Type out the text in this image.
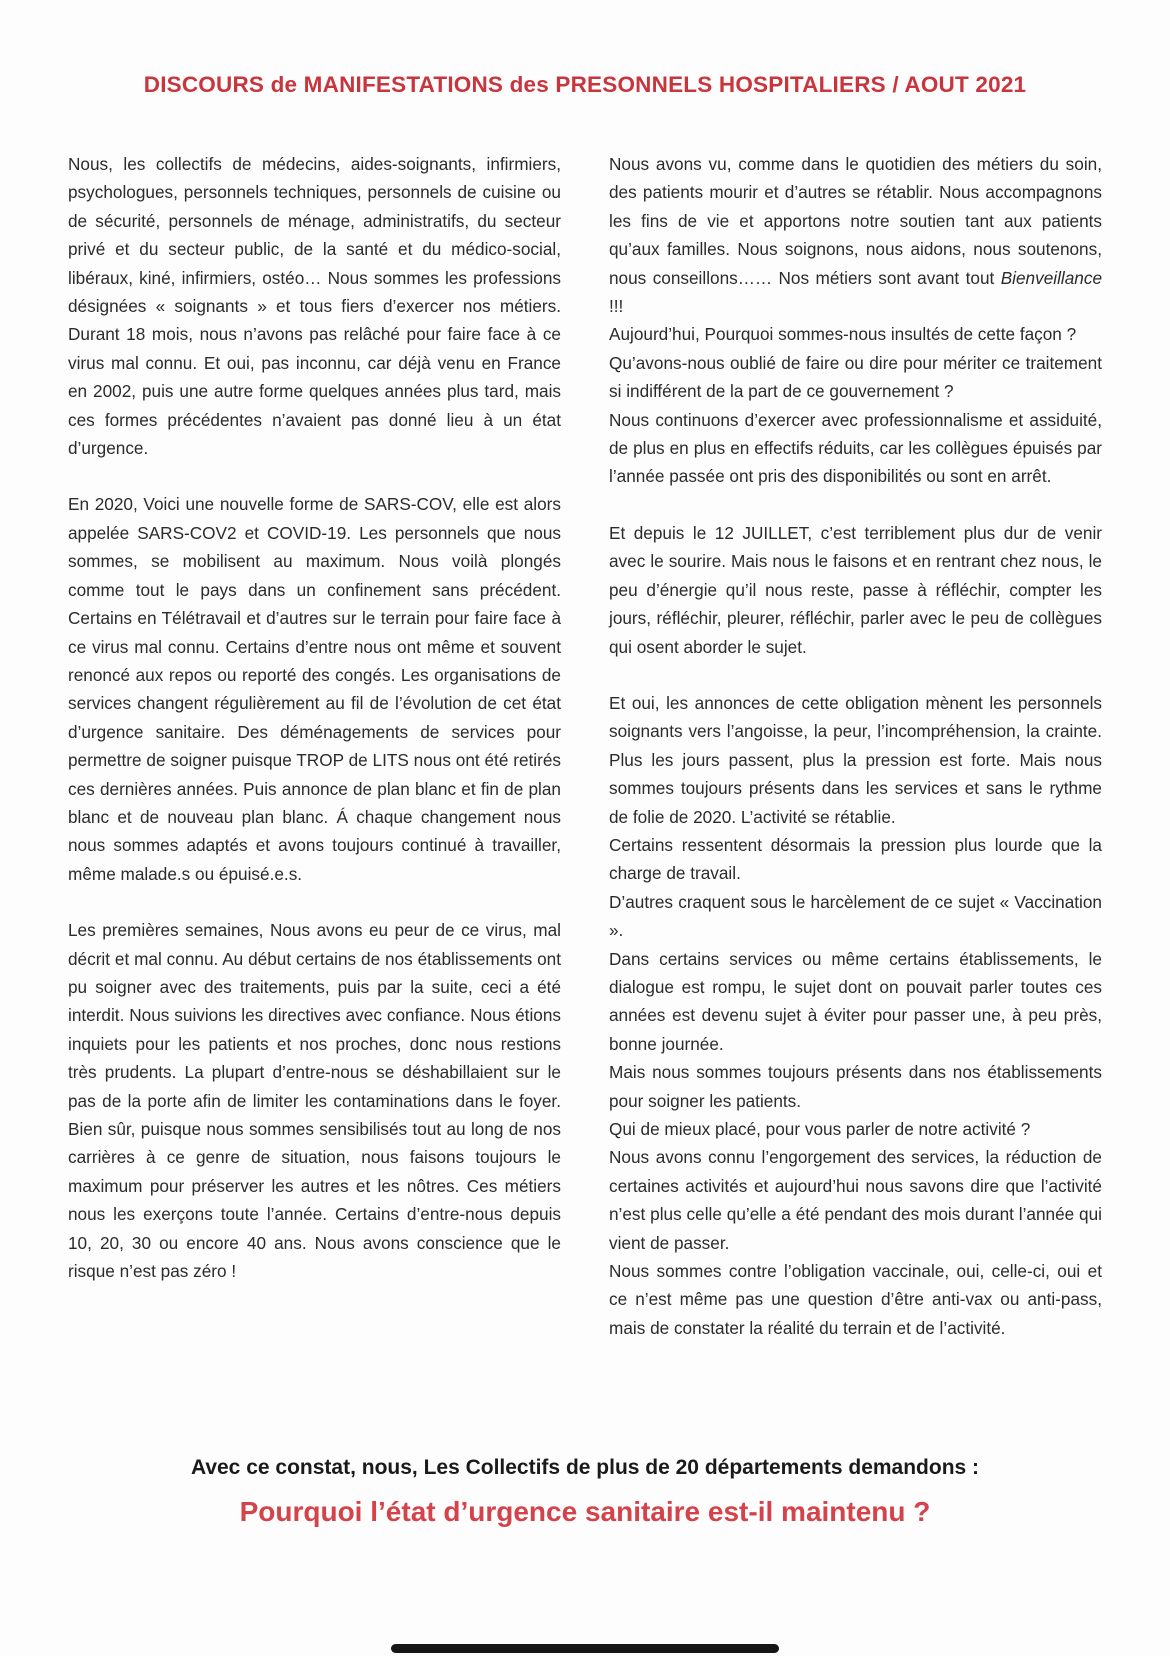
DISCOURS de MANIFESTATIONS des PRESONNELS HOSPITALIERS / AOUT 2021

Nous, les collectifs de médecins, aides-soignants, infirmiers, psychologues, personnels techniques, personnels de cuisine ou de sécurité, personnels de ménage, administratifs, du secteur privé et du secteur public, de la santé et du médico-social, libéraux, kiné, infirmiers, ostéo… Nous sommes les professions désignées « soignants » et tous fiers d’exercer nos métiers. Durant 18 mois, nous n’avons pas relâché pour faire face à ce virus mal connu. Et oui, pas inconnu, car déjà venu en France en 2002, puis une autre forme quelques années plus tard, mais ces formes précédentes n’avaient pas donné lieu à un état d’urgence.

En 2020, Voici une nouvelle forme de SARS-COV, elle est alors appelée SARS-COV2 et COVID-19. Les personnels que nous sommes, se mobilisent au maximum. Nous voilà plongés comme tout le pays dans un confinement sans précédent. Certains en Télétravail et d’autres sur le terrain pour faire face à ce virus mal connu. Certains d’entre nous ont même et souvent renoncé aux repos ou reporté des congés. Les organisations de services changent régulièrement au fil de l’évolution de cet état d’urgence sanitaire. Des déménagements de services pour permettre de soigner puisque TROP de LITS nous ont été retirés ces dernières années. Puis annonce de plan blanc et fin de plan blanc et de nouveau plan blanc. Á chaque changement nous nous sommes adaptés et avons toujours continué à travailler, même malade.s ou épuisé.e.s.

Les premières semaines, Nous avons eu peur de ce virus, mal décrit et mal connu. Au début certains de nos établissements ont pu soigner avec des traitements, puis par la suite, ceci a été interdit. Nous suivions les directives avec confiance. Nous étions inquiets pour les patients et nos proches, donc nous restions très prudents. La plupart d’entre-nous se déshabillaient sur le pas de la porte afin de limiter les contaminations dans le foyer. Bien sûr, puisque nous sommes sensibilisés tout au long de nos carrières à ce genre de situation, nous faisons toujours le maximum pour préserver les autres et les nôtres. Ces métiers nous les exerçons toute l’année. Certains d’entre-nous depuis 10, 20, 30 ou encore 40 ans. Nous avons conscience que le risque n’est pas zéro !

Nous avons vu, comme dans le quotidien des métiers du soin, des patients mourir et d’autres se rétablir. Nous accompagnons les fins de vie et apportons notre soutien tant aux patients qu’aux familles. Nous soignons, nous aidons, nous soutenons, nous conseillons…… Nos métiers sont avant tout Bienveillance !!!

Aujourd’hui, Pourquoi sommes-nous insultés de cette façon ?

Qu’avons-nous oublié de faire ou dire pour mériter ce traitement si indifférent de la part de ce gouvernement ?

Nous continuons d’exercer avec professionnalisme et assiduité, de plus en plus en effectifs réduits, car les collègues épuisés par l’année passée ont pris des disponibilités ou sont en arrêt.

Et depuis le 12 JUILLET, c’est terriblement plus dur de venir avec le sourire. Mais nous le faisons et en rentrant chez nous, le peu d’énergie qu’il nous reste, passe à réfléchir, compter les jours, réfléchir, pleurer, réfléchir, parler avec le peu de collègues qui osent aborder le sujet.

Et oui, les annonces de cette obligation mènent les personnels soignants vers l’angoisse, la peur, l’incompréhension, la crainte. Plus les jours passent, plus la pression est forte. Mais nous sommes toujours présents dans les services et sans le rythme de folie de 2020. L’activité se rétablie.

Certains ressentent désormais la pression plus lourde que la charge de travail.

D’autres craquent sous le harcèlement de ce sujet « Vaccination ».

Dans certains services ou même certains établissements, le dialogue est rompu, le sujet dont on pouvait parler toutes ces années est devenu sujet à éviter pour passer une, à peu près, bonne journée.

Mais nous sommes toujours présents dans nos établissements pour soigner les patients.

Qui de mieux placé, pour vous parler de notre activité ?

Nous avons connu l’engorgement des services, la réduction de certaines activités et aujourd’hui nous savons dire que l’activité n’est plus celle qu’elle a été pendant des mois durant l’année qui vient de passer.

Nous sommes contre l’obligation vaccinale, oui, celle-ci, oui et ce n’est même pas une question d’être anti-vax ou anti-pass, mais de constater la réalité du terrain et de l’activité.

Avec ce constat, nous, Les Collectifs de plus de 20 départements demandons :
Pourquoi l’état d’urgence sanitaire est-il maintenu ?
